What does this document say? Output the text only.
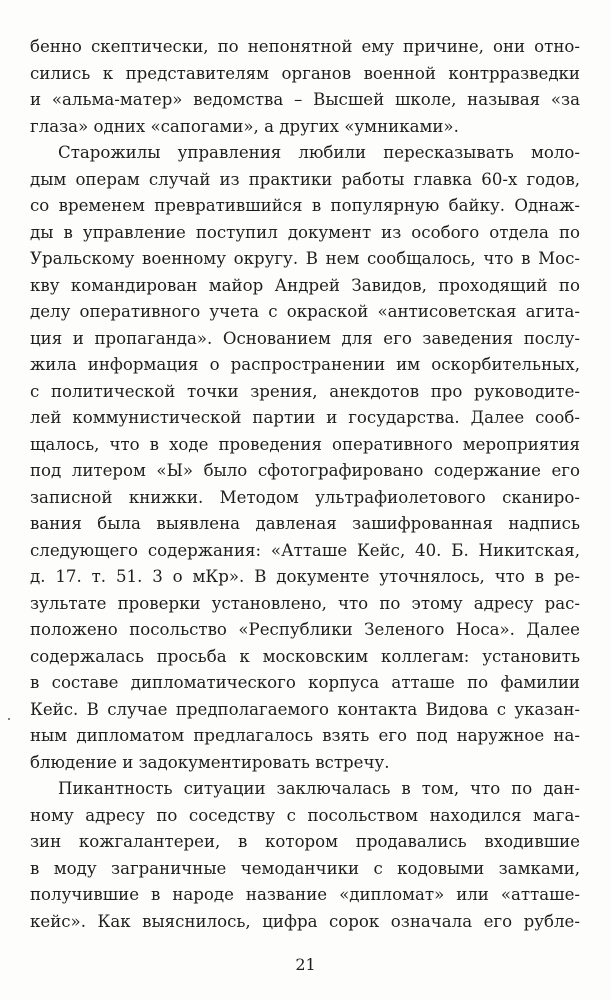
бенно скептически, по непонятной ему причине, они отно-
сились к представителям органов военной контрразведки
и «альма-матер» ведомства – Высшей школе, называя «за
глаза» одних «сапогами», а других «умниками».
Старожилы управления любили пересказывать моло-
дым операм случай из практики работы главка 60-х годов,
со временем превратившийся в популярную байку. Однаж-
ды в управление поступил документ из особого отдела по
Уральскому военному округу. В нем сообщалось, что в Мос-
кву командирован майор Андрей Завидов, проходящий по
делу оперативного учета с окраской «антисоветская агита-
ция и пропаганда». Основанием для его заведения послу-
жила информация о распространении им оскорбительных,
с политической точки зрения, анекдотов про руководите-
лей коммунистической партии и государства. Далее сооб-
щалось, что в ходе проведения оперативного мероприятия
под литером «Ы» было сфотографировано содержание его
записной книжки. Методом ультрафиолетового сканиро-
вания была выявлена давленая зашифрованная надпись
следующего содержания: «Атташе Кейс, 40. Б. Никитская,
д. 17. т. 51. 3 о мКр». В документе уточнялось, что в ре-
зультате проверки установлено, что по этому адресу рас-
положено посольство «Республики Зеленого Носа». Далее
содержалась просьба к московским коллегам: установить
в составе дипломатического корпуса атташе по фамилии
Кейс. В случае предполагаемого контакта Видова с указан-
ным дипломатом предлагалось взять его под наружное на-
блюдение и задокументировать встречу.
Пикантность ситуации заключалась в том, что по дан-
ному адресу по соседству с посольством находился мага-
зин кожгалантереи, в котором продавались входившие
в моду заграничные чемоданчики с кодовыми замками,
получившие в народе название «дипломат» или «атташе-
кейс». Как выяснилось, цифра сорок означала его рубле-
21
